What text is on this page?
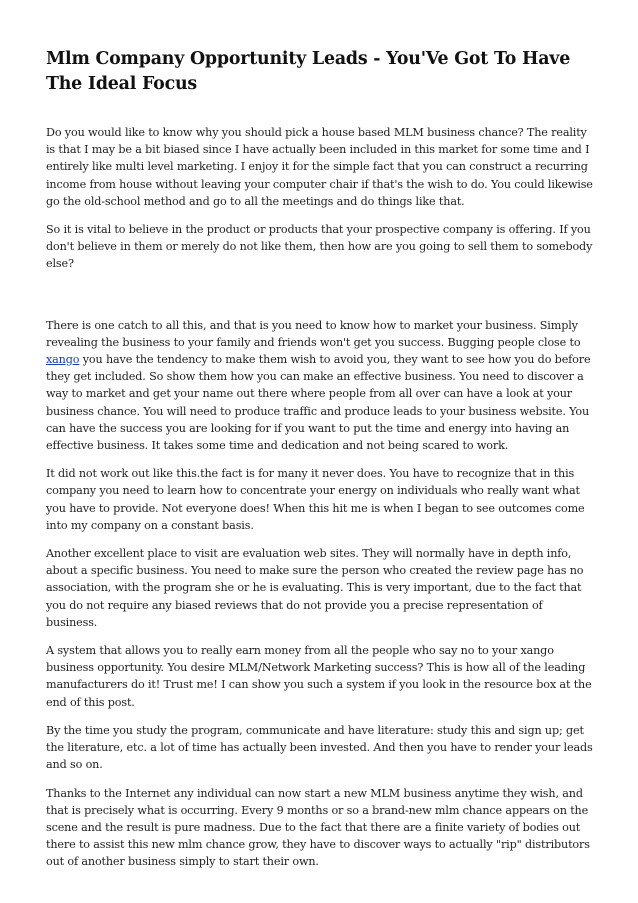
Mlm Company Opportunity Leads - You'Ve Got To Have The Ideal Focus

Do you would like to know why you should pick a house based MLM business chance? The reality is that I may be a bit biased since I have actually been included in this market for some time and I entirely like multi level marketing. I enjoy it for the simple fact that you can construct a recurring income from house without leaving your computer chair if that's the wish to do. You could likewise go the old-school method and go to all the meetings and do things like that.

So it is vital to believe in the product or products that your prospective company is offering. If you don't believe in them or merely do not like them, then how are you going to sell them to somebody else?

There is one catch to all this, and that is you need to know how to market your business. Simply revealing the business to your family and friends won't get you success. Bugging people close to xango you have the tendency to make them wish to avoid you, they want to see how you do before they get included. So show them how you can make an effective business. You need to discover a way to market and get your name out there where people from all over can have a look at your business chance. You will need to produce traffic and produce leads to your business website. You can have the success you are looking for if you want to put the time and energy into having an effective business. It takes some time and dedication and not being scared to work.

It did not work out like this.the fact is for many it never does. You have to recognize that in this company you need to learn how to concentrate your energy on individuals who really want what you have to provide. Not everyone does! When this hit me is when I began to see outcomes come into my company on a constant basis.

Another excellent place to visit are evaluation web sites. They will normally have in depth info, about a specific business. You need to make sure the person who created the review page has no association, with the program she or he is evaluating. This is very important, due to the fact that you do not require any biased reviews that do not provide you a precise representation of business.

A system that allows you to really earn money from all the people who say no to your xango business opportunity. You desire MLM/Network Marketing success? This is how all of the leading manufacturers do it! Trust me! I can show you such a system if you look in the resource box at the end of this post.

By the time you study the program, communicate and have literature: study this and sign up; get the literature, etc. a lot of time has actually been invested. And then you have to render your leads and so on.

Thanks to the Internet any individual can now start a new MLM business anytime they wish, and that is precisely what is occurring. Every 9 months or so a brand-new mlm chance appears on the scene and the result is pure madness. Due to the fact that there are a finite variety of bodies out there to assist this new mlm chance grow, they have to discover ways to actually "rip" distributors out of another business simply to start their own.
